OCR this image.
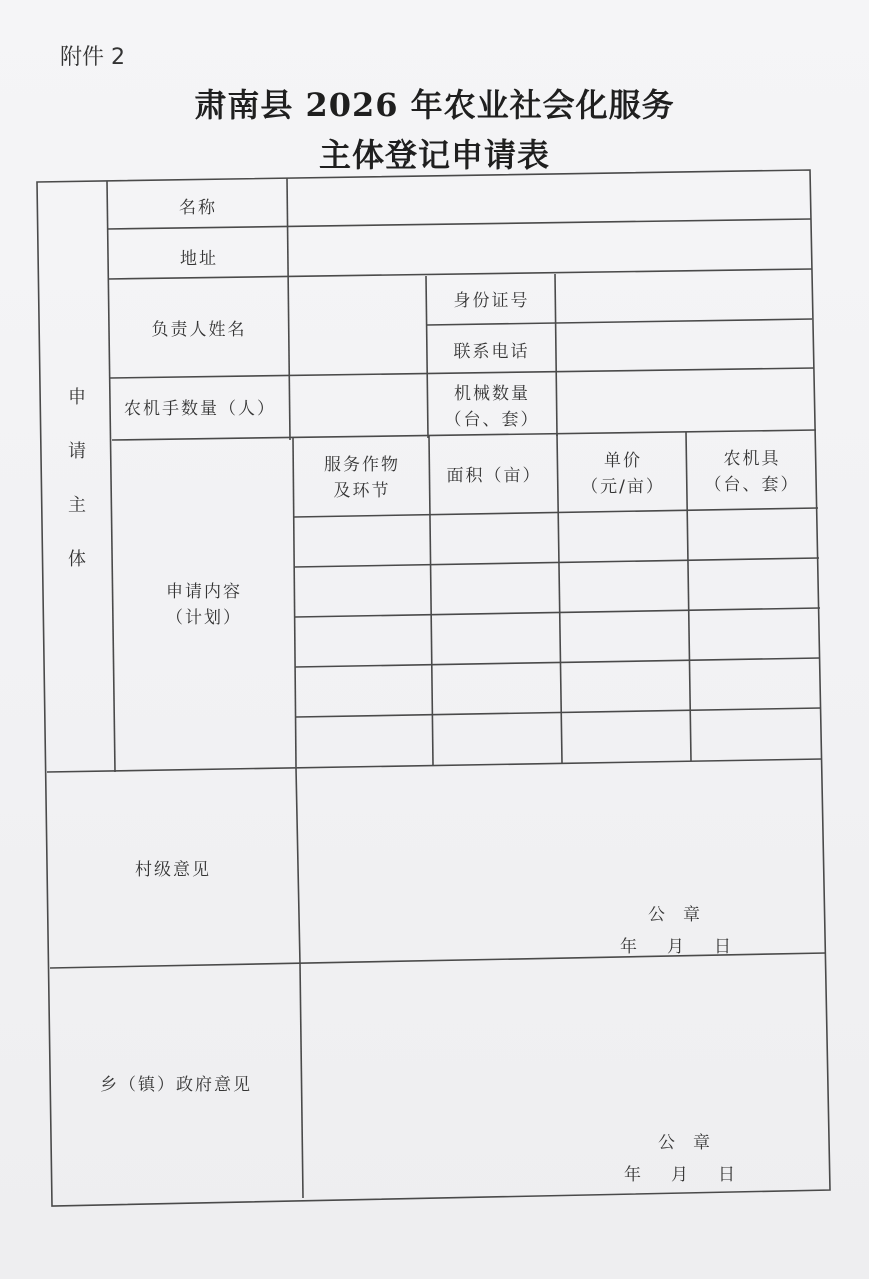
附件 2
肃南县 2026 年农业社会化服务
主体登记申请表
申
请
主
体
名称
地址
负责人姓名
身份证号
联系电话
农机手数量（人）
机械数量
（台、套）
申请内容
（计划）
服务作物
及环节
面积（亩）
单价
（元/亩）
农机具
（台、套）
村级意见
公章
年月日
乡（镇）政府意见
公章
年月日
